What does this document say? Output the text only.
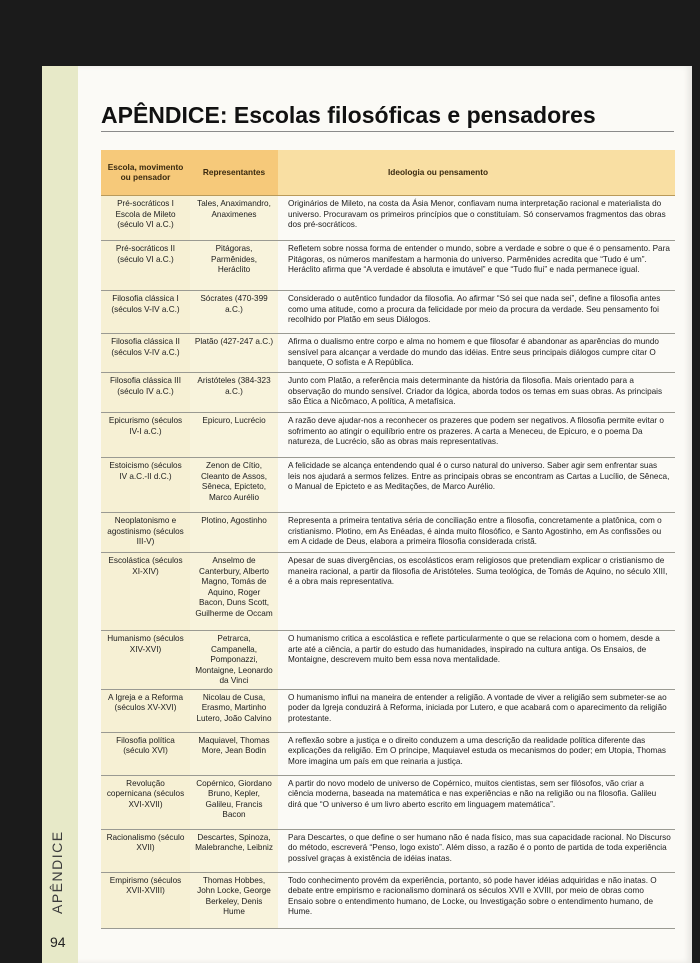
APÊNDICE
94
APÊNDICE: Escolas filosóficas e pensadores
Escola, movimento ou pensador	Representantes	Ideologia ou pensamento
Pré-socráticos I Escola de Mileto (século VI a.C.)	Tales, Anaximandro, Anaximenes	Originários de Mileto, na costa da Ásia Menor, confiavam numa interpretação racional e materialista do universo. Procuravam os primeiros princípios que o constituíam. Só conservamos fragmentos das obras dos pré-socráticos.
Pré-socráticos II (século VI a.C.)	Pitágoras, Parmênides, Heráclito	Refletem sobre nossa forma de entender o mundo, sobre a verdade e sobre o que é o pensamento. Para Pitágoras, os números manifestam a harmonia do universo. Parmênides acredita que “Tudo é um”. Heráclito afirma que “A verdade é absoluta e imutável” e que “Tudo flui” e nada permanece igual.
Filosofia clássica I (séculos V-IV a.C.)	Sócrates (470-399 a.C.)	Considerado o autêntico fundador da filosofia. Ao afirmar “Só sei que nada sei”, define a filosofia antes como uma atitude, como a procura da felicidade por meio da procura da verdade. Seu pensamento foi recolhido por Platão em seus Diálogos.
Filosofia clássica II (séculos V-IV a.C.)	Platão (427-247 a.C.)	Afirma o dualismo entre corpo e alma no homem e que filosofar é abandonar as aparências do mundo sensível para alcançar a verdade do mundo das idéias. Entre seus principais diálogos cumpre citar O banquete, O sofista e A República.
Filosofia clássica III (século IV a.C.)	Aristóteles (384-323 a.C.)	Junto com Platão, a referência mais determinante da história da filosofia. Mais orientado para a observação do mundo sensível. Criador da lógica, aborda todos os temas em suas obras. As principais são Ética a Nicômaco, A política, A metafísica.
Epicurismo (séculos IV-I a.C.)	Epicuro, Lucrécio	A razão deve ajudar-nos a reconhecer os prazeres que podem ser negativos. A filosofia permite evitar o sofrimento ao atingir o equilíbrio entre os prazeres. A carta a Meneceu, de Epicuro, e o poema Da natureza, de Lucrécio, são as obras mais representativas.
Estoicismo (séculos IV a.C.-II d.C.)	Zenon de Cítio, Cleanto de Assos, Sêneca, Epicteto, Marco Aurélio	A felicidade se alcança entendendo qual é o curso natural do universo. Saber agir sem enfrentar suas leis nos ajudará a sermos felizes. Entre as principais obras se encontram as Cartas a Lucílio, de Sêneca, o Manual de Epicteto e as Meditações, de Marco Aurélio.
Neoplatonismo e agostinismo (séculos III-V)	Plotino, Agostinho	Representa a primeira tentativa séria de conciliação entre a filosofia, concretamente a platônica, com o cristianismo. Plotino, em As Enéadas, é ainda muito filosófico, e Santo Agostinho, em As confissões ou em A cidade de Deus, elabora a primeira filosofia considerada cristã.
Escolástica (séculos XI-XIV)	Anselmo de Canterbury, Alberto Magno, Tomás de Aquino, Roger Bacon, Duns Scott, Guilherme de Occam	Apesar de suas divergências, os escolásticos eram religiosos que pretendiam explicar o cristianismo de maneira racional, a partir da filosofia de Aristóteles. Suma teológica, de Tomás de Aquino, no século XIII, é a obra mais representativa.
Humanismo (séculos XIV-XVI)	Petrarca, Campanella, Pomponazzi, Montaigne, Leonardo da Vinci	O humanismo critica a escolástica e reflete particularmente o que se relaciona com o homem, desde a arte até a ciência, a partir do estudo das humanidades, inspirado na cultura antiga. Os Ensaios, de Montaigne, descrevem muito bem essa nova mentalidade.
A Igreja e a Reforma (séculos XV-XVI)	Nicolau de Cusa, Erasmo, Martinho Lutero, João Calvino	O humanismo influi na maneira de entender a religião. A vontade de viver a religião sem submeter-se ao poder da Igreja conduzirá à Reforma, iniciada por Lutero, e que acabará com o aparecimento da religião protestante.
Filosofia política (século XVI)	Maquiavel, Thomas More, Jean Bodin	A reflexão sobre a justiça e o direito conduzem a uma descrição da realidade política diferente das explicações da religião. Em O príncipe, Maquiavel estuda os mecanismos do poder; em Utopia, Thomas More imagina um país em que reinaria a justiça.
Revolução copernicana (séculos XVI-XVII)	Copérnico, Giordano Bruno, Kepler, Galileu, Francis Bacon	A partir do novo modelo de universo de Copérnico, muitos cientistas, sem ser filósofos, vão criar a ciência moderna, baseada na matemática e nas experiências e não na religião ou na filosofia. Galileu dirá que “O universo é um livro aberto escrito em linguagem matemática”.
Racionalismo (século XVII)	Descartes, Spinoza, Malebranche, Leibniz	Para Descartes, o que define o ser humano não é nada físico, mas sua capacidade racional. No Discurso do método, escreverá “Penso, logo existo”. Além disso, a razão é o ponto de partida de toda experiência possível graças à existência de idéias inatas.
Empirismo (séculos XVII-XVIII)	Thomas Hobbes, John Locke, George Berkeley, Denis Hume	Todo conhecimento provém da experiência, portanto, só pode haver idéias adquiridas e não inatas. O debate entre empirismo e racionalismo dominará os séculos XVII e XVIII, por meio de obras como Ensaio sobre o entendimento humano, de Locke, ou Investigação sobre o entendimento humano, de Hume.
